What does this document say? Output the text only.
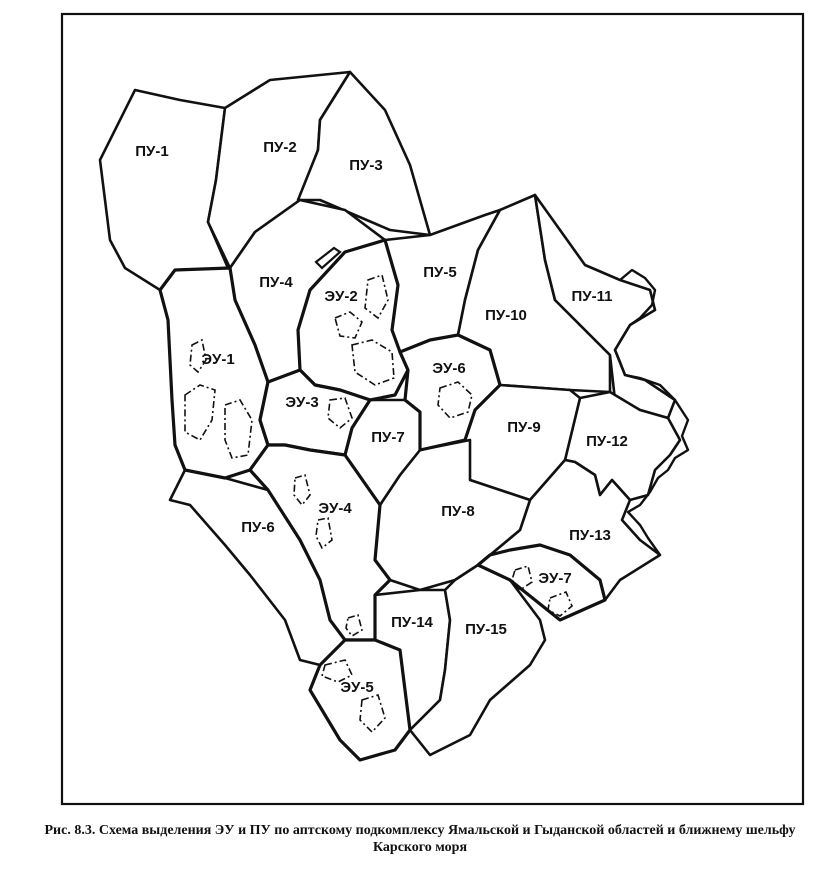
ПУ-1	ПУ-2
ПУ-3
ПУ-4
ПУ-5
ПУ-6
ПУ-7
ПУ-8
ПУ-9
ПУ-10
ПУ-11
ПУ-12
ПУ-13
ПУ-14 ПУ-15
ЭУ-1
ЭУ-2
ЭУ-3
ЭУ-4
ЭУ-5
ЭУ-6
ЭУ-7
Рис. 8.3. Схема выделения ЭУ и ПУ по аптскому подкомплексу Ямальской и Гыданской областей и ближнему шельфу Карского моря
